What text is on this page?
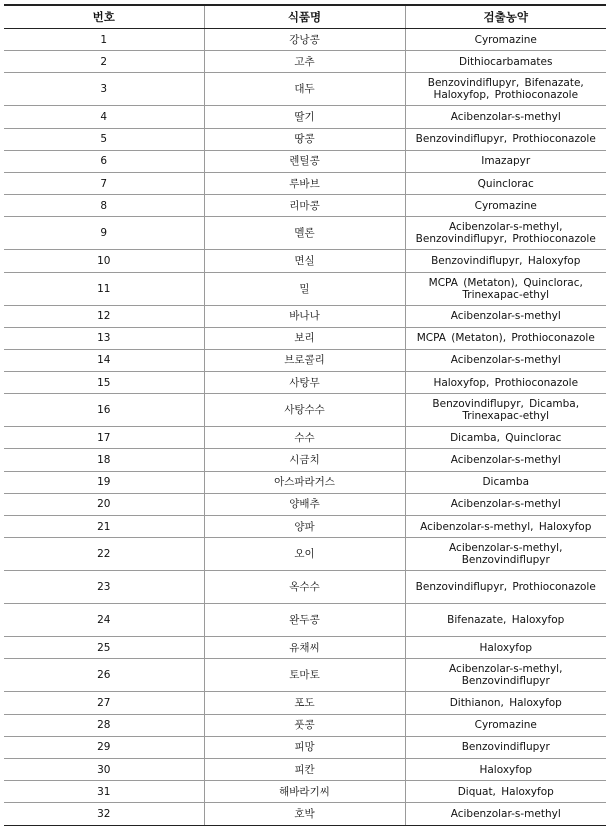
번호	식품명	검출농약
1	강낭콩	Cyromazine
2	고추	Dithiocarbamates
3	대두	Benzovindiflupyr, Bifenazate,
Haloxyfop, Prothioconazole
4	딸기	Acibenzolar-s-methyl
5	땅콩	Benzovindiflupyr, Prothioconazole
6	렌틸콩	Imazapyr
7	루바브	Quinclorac
8	리마콩	Cyromazine
9	멜론	Acibenzolar-s-methyl,
Benzovindiflupyr, Prothioconazole
10	면실	Benzovindiflupyr, Haloxyfop
11	밀	MCPA (Metaton), Quinclorac,
Trinexapac-ethyl
12	바나나	Acibenzolar-s-methyl
13	보리	MCPA (Metaton), Prothioconazole
14	브로콜리	Acibenzolar-s-methyl
15	사탕무	Haloxyfop, Prothioconazole
16	사탕수수	Benzovindiflupyr, Dicamba,
Trinexapac-ethyl
17	수수	Dicamba, Quinclorac
18	시금치	Acibenzolar-s-methyl
19	아스파라거스	Dicamba
20	양배추	Acibenzolar-s-methyl
21	양파	Acibenzolar-s-methyl, Haloxyfop
22	오이	Acibenzolar-s-methyl,
Benzovindiflupyr
23	옥수수	Benzovindiflupyr, Prothioconazole
24	완두콩	Bifenazate, Haloxyfop
25	유채씨	Haloxyfop
26	토마토	Acibenzolar-s-methyl,
Benzovindiflupyr
27	포도	Dithianon, Haloxyfop
28	풋콩	Cyromazine
29	피망	Benzovindiflupyr
30	피칸	Haloxyfop
31	해바라기씨	Diquat, Haloxyfop
32	호박	Acibenzolar-s-methyl
